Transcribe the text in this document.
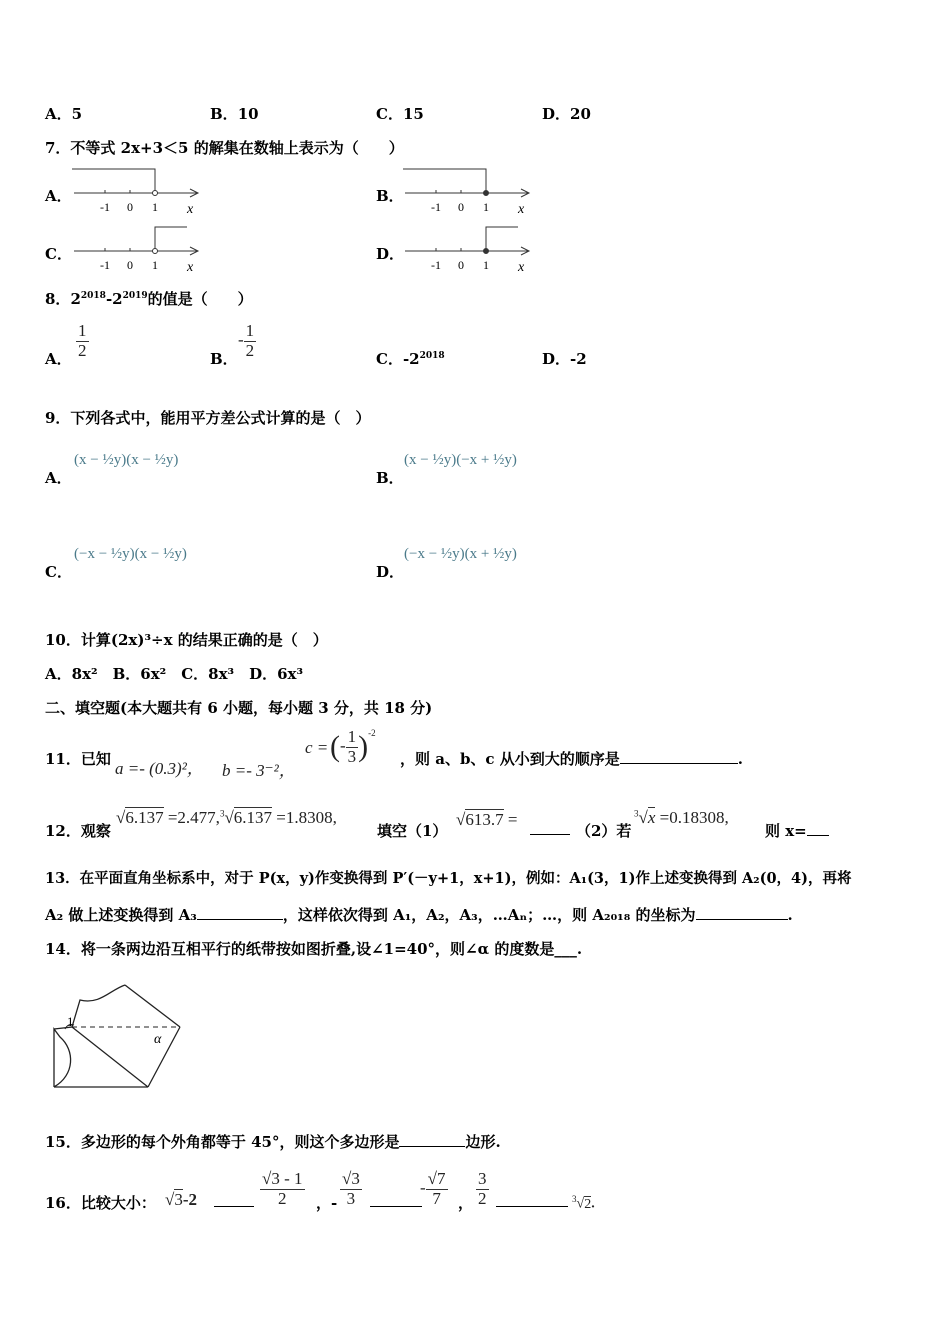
A．5	B．10	C．15	D．20
7．不等式 2x+3＜5 的解集在数轴上表示为（　　）
A．
-1 0 1 x
B．
-1 0 1 x
C．
-1 0 1 x
D．
-1 0 1 x
8．$2^{2018}-2^{2019}$的值是（　　）
A． $\frac{1}{2}$	B．
- $\frac{1}{2}$	C．$-2^{2018}$	D．-2
9．下列各式中，能用平方差公式计算的是（　）
A．
(x − ½y)(x − ½y)
B．
(x − ½y)(−x + ½y)
C．
(−x − ½y)(x − ½y)
D．
(−x − ½y)(x + ½y)
10．计算(2x)³÷x 的结果正确的是（　）
A．8x²　B．6x²　C．8x³　D．6x³
二、填空题(本大题共有 6 小题，每小题 3 分，共 18 分)
11．已知 a =- (0.3)²， b =- 3⁻²，
c = (- $\frac{1}{3} )^{-2}$
，则 a、b、c 从小到大的顺序是	.
12．观察
√6.137 =2.477,$^3$√6.137 =1.8308,
填空（1）
√613.7 =
（2）若
$^3$√x =0.18308,
则 x=
13．在平面直角坐标系中，对于 P(x，y)作变换得到 P′(－y+1，x+1)，例如：A₁(3，1)作上述变换得到 A₂(0，4)，再将
A₂ 做上述变换得到 A₃	，这样依次得到 A₁，A₂，A₃，…Aₙ；…，则 A₂₀₁₈ 的坐标为	.
14．将一条两边沿互相平行的纸带按如图折叠,设∠1=40°，则∠α 的度数是___.
1
α
15．多边形的每个外角都等于 45°，则这个多边形是	边形.
16．比较大小： √3-2	$\frac{√3 - 1}{2}$ ，- $\frac{√3}{3}$	- $\frac{√7}{7}$ ， $\frac{3}{2}$	$^3$√2.
